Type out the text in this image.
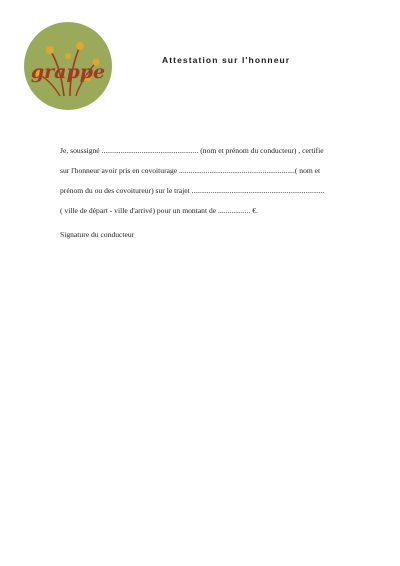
grappe
Attestation sur l'honneur
Je, soussigné ................................................... (nom et prénom du conducteur) , certifie
sur l'honneur avoir pris en covoiturage .............................................................( nom et
prénom du ou des covoitureur) sur le trajet ......................................................................
( ville de départ - ville d'arrivé) pour un montant de ................. €.
Signature du conducteur
